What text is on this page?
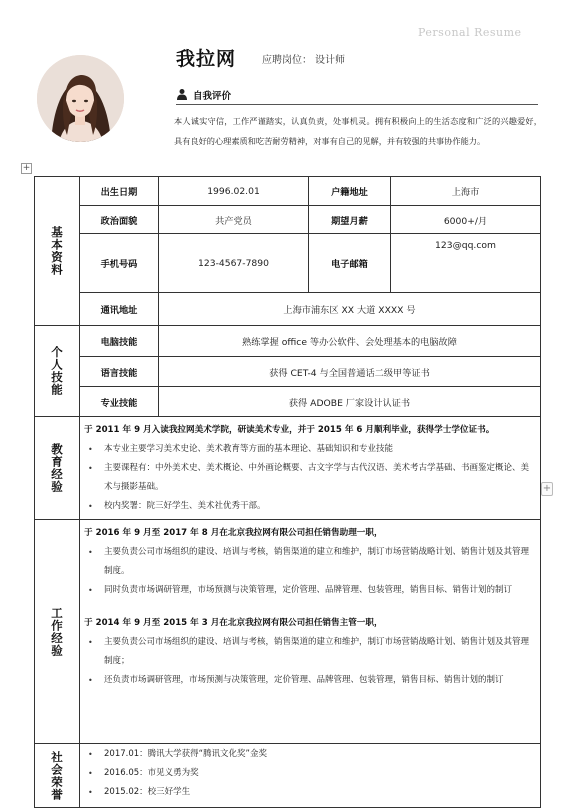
Personal Resume
我拉网	应聘岗位： 设计师
自我评价
本人诚实守信，工作严谨踏实，认真负责，处事机灵。拥有积极向上的生活态度和广泛的兴趣爱好，具有良好的心理素质和吃苦耐劳精神，对事有自己的见解，并有较强的共事协作能力。
+
+
基本资料
出生日期	1996.02.01	户籍地址	上海市
政治面貌	共产党员	期望月薪	6000+/月
手机号码	123-4567-7890	电子邮箱
123@qq.com
通讯地址	上海市浦东区 XX 大道 XXXX 号
个人技能
电脑技能	熟练掌握 office 等办公软件、会处理基本的电脑故障
语言技能	获得 CET-4 与全国普通话二级甲等证书
专业技能	获得 ADOBE 厂家设计认证书
教育经验
于 2011 年 9 月入读我拉网美术学院，研读美术专业，并于 2015 年 6 月顺利毕业，获得学士学位证书。
• 本专业主要学习美术史论、美术教育等方面的基本理论、基础知识和专业技能
• 主要课程有：中外美术史、美术概论、中外画论概要、古文字学与古代汉语、美术考古学基础、书画鉴定概论、美术与摄影基础。
• 校内奖署：院三好学生、美术社优秀干部。
工作经验
于 2016 年 9 月至 2017 年 8 月在北京我拉网有限公司担任销售助理一职，
• 主要负责公司市场组织的建设、培训与考核，销售渠道的建立和维护，制订市场营销战略计划、销售计划及其管理制度。
• 同时负责市场调研管理，市场预测与决策管理，定价管理、品牌管理、包装管理，销售目标、销售计划的制订
于 2014 年 9 月至 2015 年 3 月在北京我拉网有限公司担任销售主管一职，
• 主要负责公司市场组织的建设、培训与考核，销售渠道的建立和维护，制订市场营销战略计划、销售计划及其管理制度；
• 还负责市场调研管理，市场预测与决策管理，定价管理、品牌管理、包装管理，销售目标、销售计划的制订
社会荣誉
•	2017.01：腾讯大学获得“腾讯文化奖”金奖
• 2016.05：市见义勇为奖
• 2015.02：校三好学生
